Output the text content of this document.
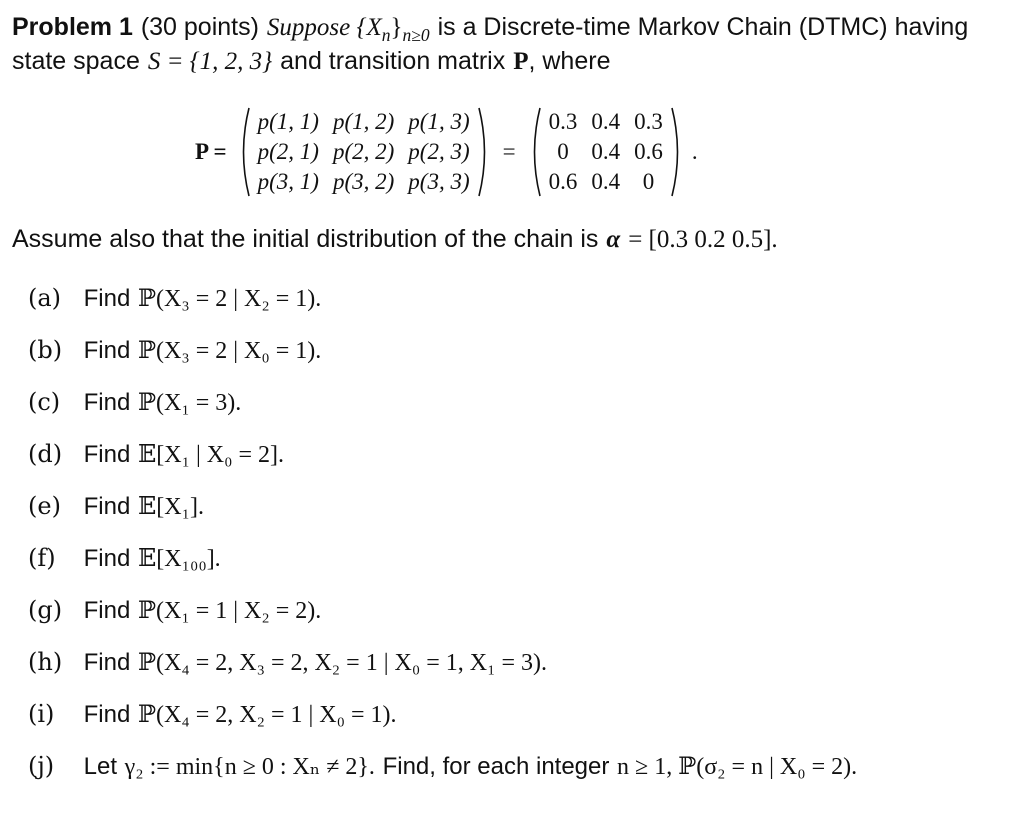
Problem 1 (30 points) Suppose $\{X_n\}_{n\ge 0}$ is a Discrete-time Markov Chain (DTMC) having
state space S = {1, 2, 3} and transition matrix P, where
P =
p(1, 1)	p(1, 2)	p(1, 3)
p(2, 1)	p(2, 2)	p(2, 3)
p(3, 1)	p(3, 2)	p(3, 3)
=
0.3	0.4	0.3
0	0.4	0.6
0.6	0.4	0
.
Assume also that the initial distribution of the chain is α = [0.3 0.2 0.5].
(a) Find ℙ(X₃ = 2 | X₂ = 1).
(b) Find ℙ(X₃ = 2 | X₀ = 1).
(c) Find ℙ(X₁ = 3).
(d) Find 𝔼[X₁ | X₀ = 2].
(e) Find 𝔼[X₁].
(f) Find 𝔼[X₁₀₀].
(g) Find ℙ(X₁ = 1 | X₂ = 2).
(h) Find ℙ(X₄ = 2, X₃ = 2, X₂ = 1 | X₀ = 1, X₁ = 3).
(i) Find ℙ(X₄ = 2, X₂ = 1 | X₀ = 1).
(j) Let γ₂ := min{n ≥ 0 : Xₙ ≠ 2}. Find, for each integer n ≥ 1, ℙ(σ₂ = n | X₀ = 2).
